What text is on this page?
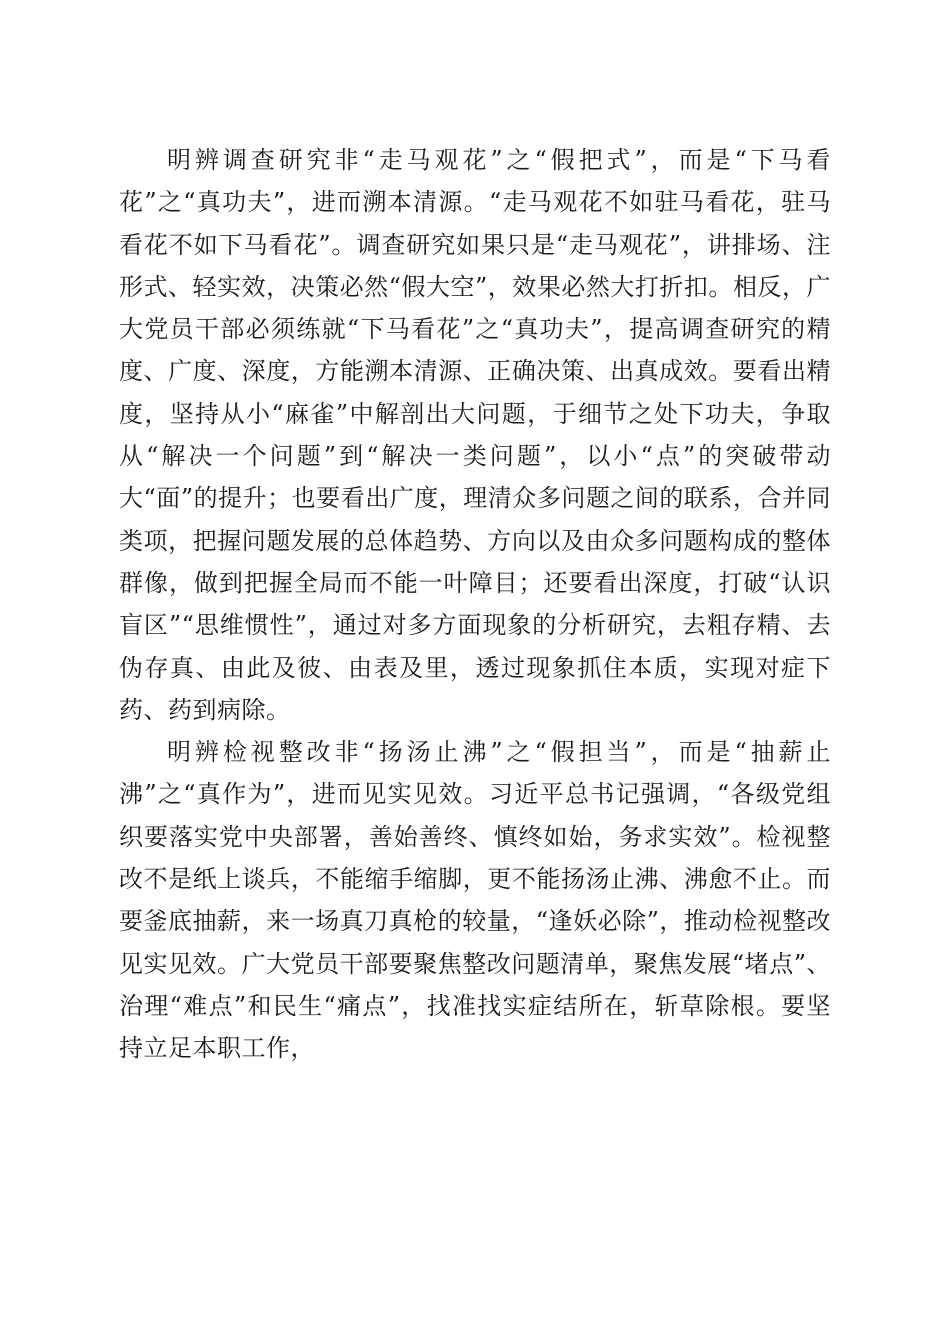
明辨调查研究非“走马观花”之“假把式”，而是“下马看花”之“真功夫”，进而溯本清源。“走马观花不如驻马看花，驻马看花不如下马看花”。调查研究如果只是“走马观花”，讲排场、注形式、轻实效，决策必然“假大空”，效果必然大打折扣。相反，广大党员干部必须练就“下马看花”之“真功夫”，提高调查研究的精度、广度、深度，方能溯本清源、正确决策、出真成效。要看出精度，坚持从小“麻雀”中解剖出大问题，于细节之处下功夫，争取从“解决一个问题”到“解决一类问题”，以小“点”的突破带动大“面”的提升；也要看出广度，理清众多问题之间的联系，合并同类项，把握问题发展的总体趋势、方向以及由众多问题构成的整体群像，做到把握全局而不能一叶障目；还要看出深度，打破“认识盲区”“思维惯性”，通过对多方面现象的分析研究，去粗存精、去伪存真、由此及彼、由表及里，透过现象抓住本质，实现对症下药、药到病除。

明辨检视整改非“扬汤止沸”之“假担当”，而是“抽薪止沸”之“真作为”，进而见实见效。习近平总书记强调，“各级党组织要落实党中央部署，善始善终、慎终如始，务求实效”。检视整改不是纸上谈兵，不能缩手缩脚，更不能扬汤止沸、沸愈不止。而要釜底抽薪，来一场真刀真枪的较量，“逢妖必除”，推动检视整改见实见效。广大党员干部要聚焦整改问题清单，聚焦发展“堵点”、治理“难点”和民生“痛点”，找准找实症结所在，斩草除根。要坚持立足本职工作，
